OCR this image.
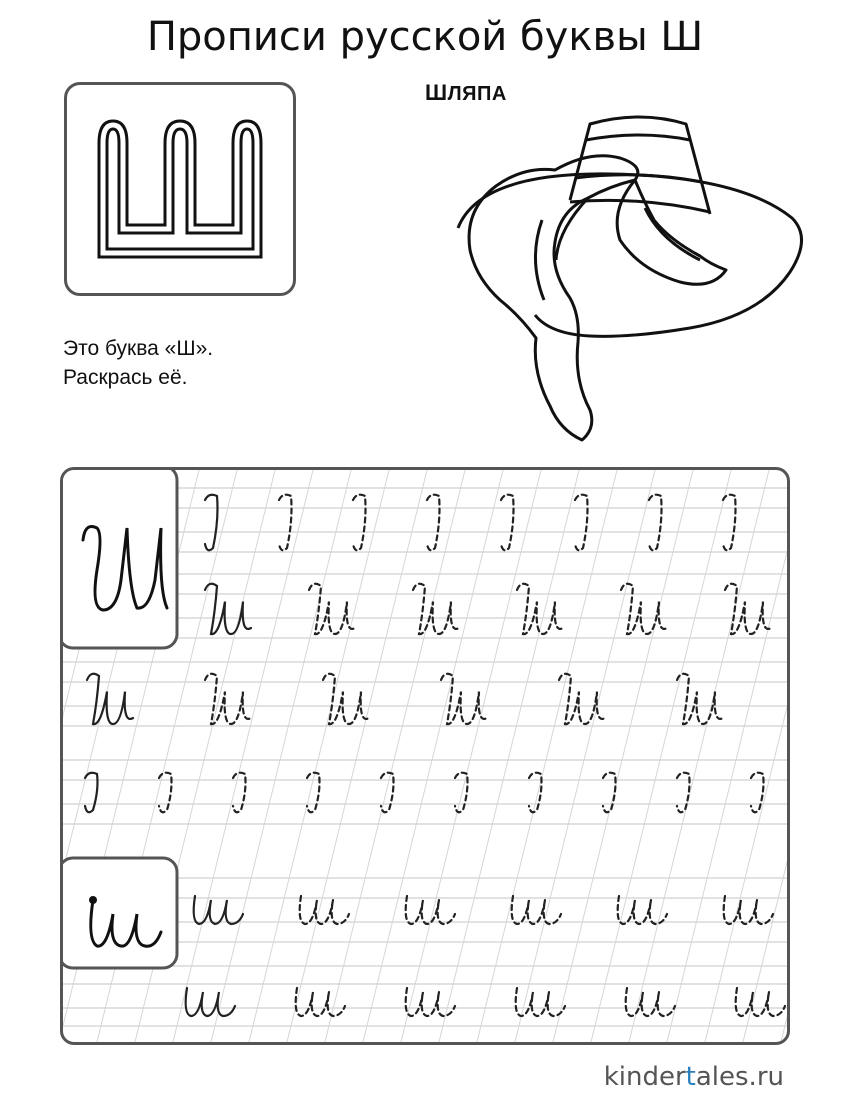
Прописи русской буквы Ш
ШЛЯПА
Это буква «Ш».
Раскрась её.
kindertales.ru
